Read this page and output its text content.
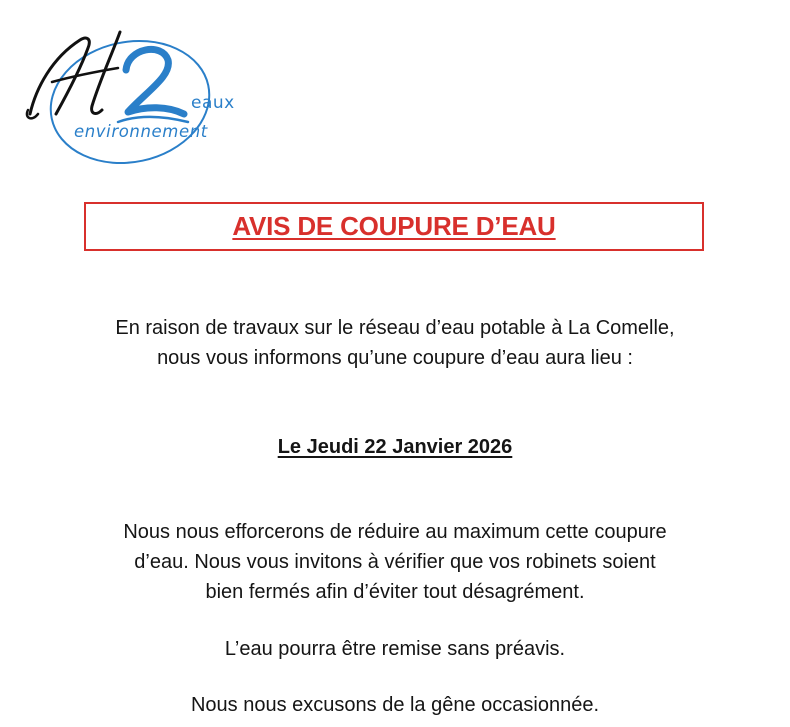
eaux
environnement
AVIS DE COUPURE D’EAU
En raison de travaux sur le réseau d’eau potable à La Comelle,
nous vous informons qu’une coupure d’eau aura lieu :
Le Jeudi 22 Janvier 2026
Nous nous efforcerons de réduire au maximum cette coupure
d’eau. Nous vous invitons à vérifier que vos robinets soient
bien fermés afin d’éviter tout désagrément.
L’eau pourra être remise sans préavis.
Nous nous excusons de la gêne occasionnée.
